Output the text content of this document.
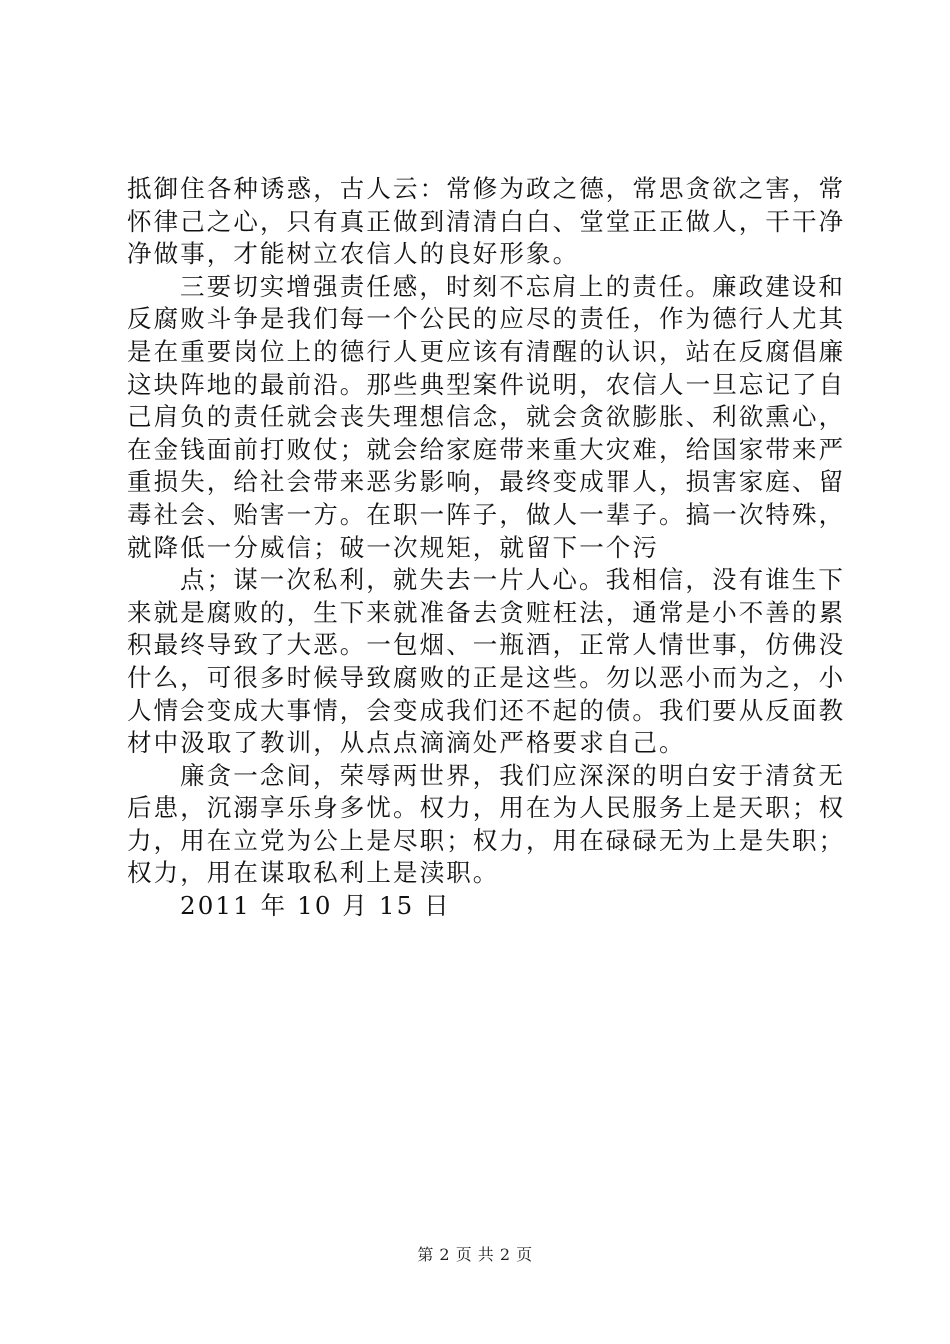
抵御住各种诱惑，古人云：常修为政之德，常思贪欲之害，常
怀律己之心，只有真正做到清清白白、堂堂正正做人，干干净
净做事，才能树立农信人的良好形象。
三要切实增强责任感，时刻不忘肩上的责任。廉政建设和
反腐败斗争是我们每一个公民的应尽的责任，作为德行人尤其
是在重要岗位上的德行人更应该有清醒的认识，站在反腐倡廉
这块阵地的最前沿。那些典型案件说明，农信人一旦忘记了自
己肩负的责任就会丧失理想信念，就会贪欲膨胀、利欲熏心，
在金钱面前打败仗；就会给家庭带来重大灾难，给国家带来严
重损失，给社会带来恶劣影响，最终变成罪人，损害家庭、留
毒社会、贻害一方。在职一阵子，做人一辈子。搞一次特殊，
就降低一分威信；破一次规矩，就留下一个污
点；谋一次私利，就失去一片人心。我相信，没有谁生下
来就是腐败的，生下来就准备去贪赃枉法，通常是小不善的累
积最终导致了大恶。一包烟、一瓶酒，正常人情世事，仿佛没
什么，可很多时候导致腐败的正是这些。勿以恶小而为之，小
人情会变成大事情，会变成我们还不起的债。我们要从反面教
材中汲取了教训，从点点滴滴处严格要求自己。
廉贪一念间，荣辱两世界，我们应深深的明白安于清贫无
后患，沉溺享乐身多忧。权力，用在为人民服务上是天职；权
力，用在立党为公上是尽职；权力，用在碌碌无为上是失职；
权力，用在谋取私利上是渎职。
2011 年 10 月 15 日
第 2 页 共 2 页
